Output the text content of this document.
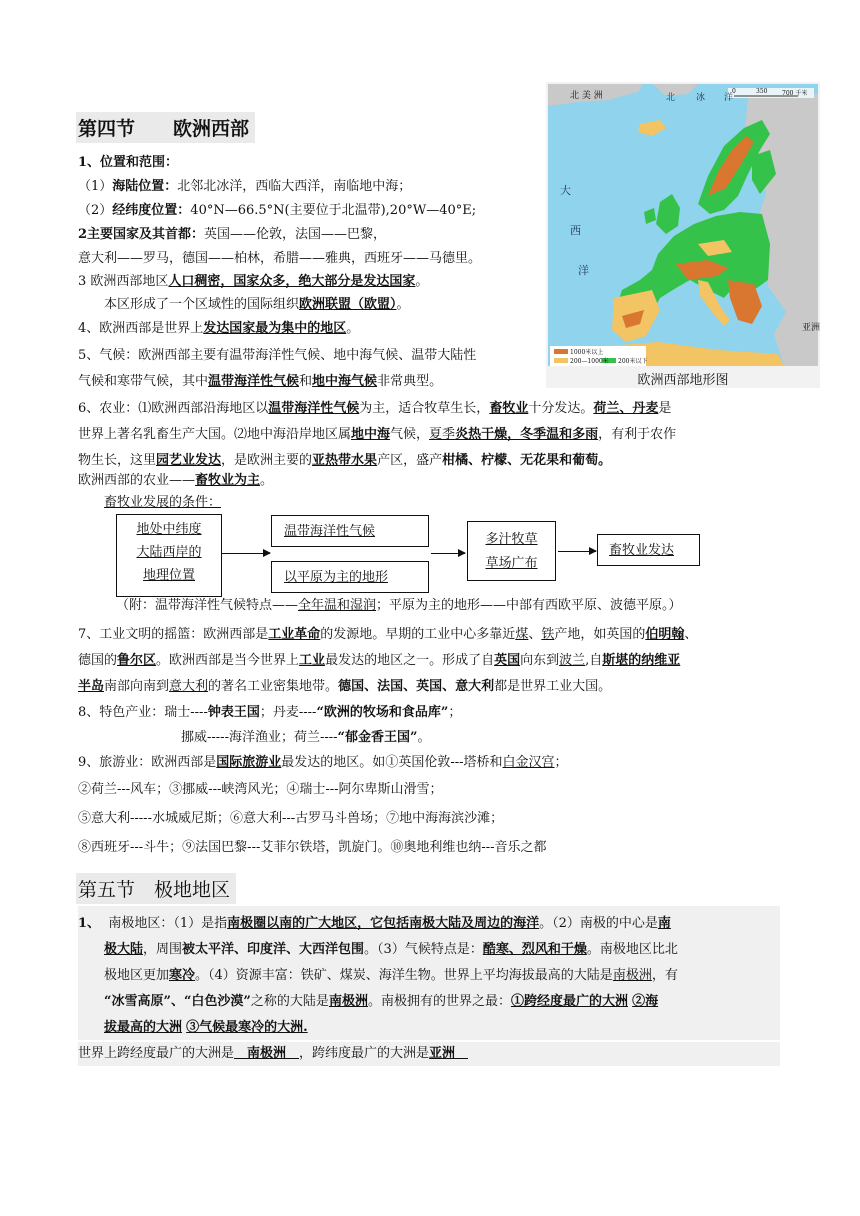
第四节　　欧洲西部
1、位置和范围：
（1）海陆位置：北邻北冰洋，西临大西洋，南临地中海；
（2）经纬度位置：40°N—66.5°N(主要位于北温带),20°W—40°E;
2主要国家及其首都：英国——伦敦，法国——巴黎，
意大利——罗马，德国——柏林，希腊——雅典，西班牙——马德里。
3 欧洲西部地区人口稠密，国家众多，绝大部分是发达国家。
本区形成了一个区域性的国际组织欧洲联盟（欧盟）。
4、欧洲西部是世界上发达国家最为集中的地区。
5、气候：欧洲西部主要有温带海洋性气候、地中海气候、温带大陆性
气候和寒带气候，其中温带海洋性气候和地中海气候非常典型。
6、农业：⑴欧洲西部沿海地区以温带海洋性气候为主，适合牧草生长，畜牧业十分发达。荷兰、丹麦是
世界上著名乳畜生产大国。⑵地中海沿岸地区属地中海气候，夏季炎热干燥，冬季温和多雨，有利于农作
物生长，这里园艺业发达，是欧洲主要的亚热带水果产区，盛产柑橘、柠檬、无花果和葡萄。
欧洲西部的农业——畜牧业为主。
畜牧业发展的条件：
地处中纬度
大陆西岸的
地理位置
温带海洋性气候
以平原为主的地形
多汁牧草
草场广布
畜牧业发达
（附：温带海洋性气候特点——全年温和湿润；平原为主的地形——中部有西欧平原、波德平原。）
7、工业文明的摇篮：欧洲西部是工业革命的发源地。早期的工业中心多靠近煤、铁产地，如英国的伯明翰、
德国的鲁尔区。欧洲西部是当今世界上工业最发达的地区之一。形成了自英国向东到波兰,自斯堪的纳维亚
半岛南部向南到意大利的著名工业密集地带。德国、法国、英国、意大利都是世界工业大国。
8、特色产业：瑞士----钟表王国；丹麦----“欧洲的牧场和食品库”；
挪威-----海洋渔业；荷兰----“郁金香王国”。
9、旅游业：欧洲西部是国际旅游业最发达的地区。如①英国伦敦---塔桥和白金汉宫；
②荷兰---风车；③挪威---峡湾风光；④瑞士---阿尔卑斯山滑雪；
⑤意大利-----水城威尼斯；⑥意大利---古罗马斗兽场；⑦地中海海滨沙滩；
⑧西班牙---斗牛；⑨法国巴黎---艾菲尔铁塔，凯旋门。⑩奥地利维也纳---音乐之都
第五节　极地地区
1、 南极地区：（1）是指南极圈以南的广大地区，它包括南极大陆及周边的海洋。（2）南极的中心是南
极大陆，周围被太平洋、印度洋、大西洋包围。（3）气候特点是：酷寒、烈风和干燥。南极地区比北
极地区更加寒冷。（4）资源丰富：铁矿、煤炭、海洋生物。世界上平均海拔最高的大陆是南极洲，有
“冰雪高原”、“白色沙漠”之称的大陆是南极洲。南极拥有的世界之最：①跨经度最广的大洲 ②海
拔最高的大洲 ③气候最寒冷的大洲.
世界上跨经度最广的大洲是　南极洲　，跨纬度最广的大洲是亚洲　
北 美 洲
亚洲
大
西
洋
北 冰 洋
0	350 700 千米
1000米以上
200—1000米 200米以下
欧洲西部地形图
